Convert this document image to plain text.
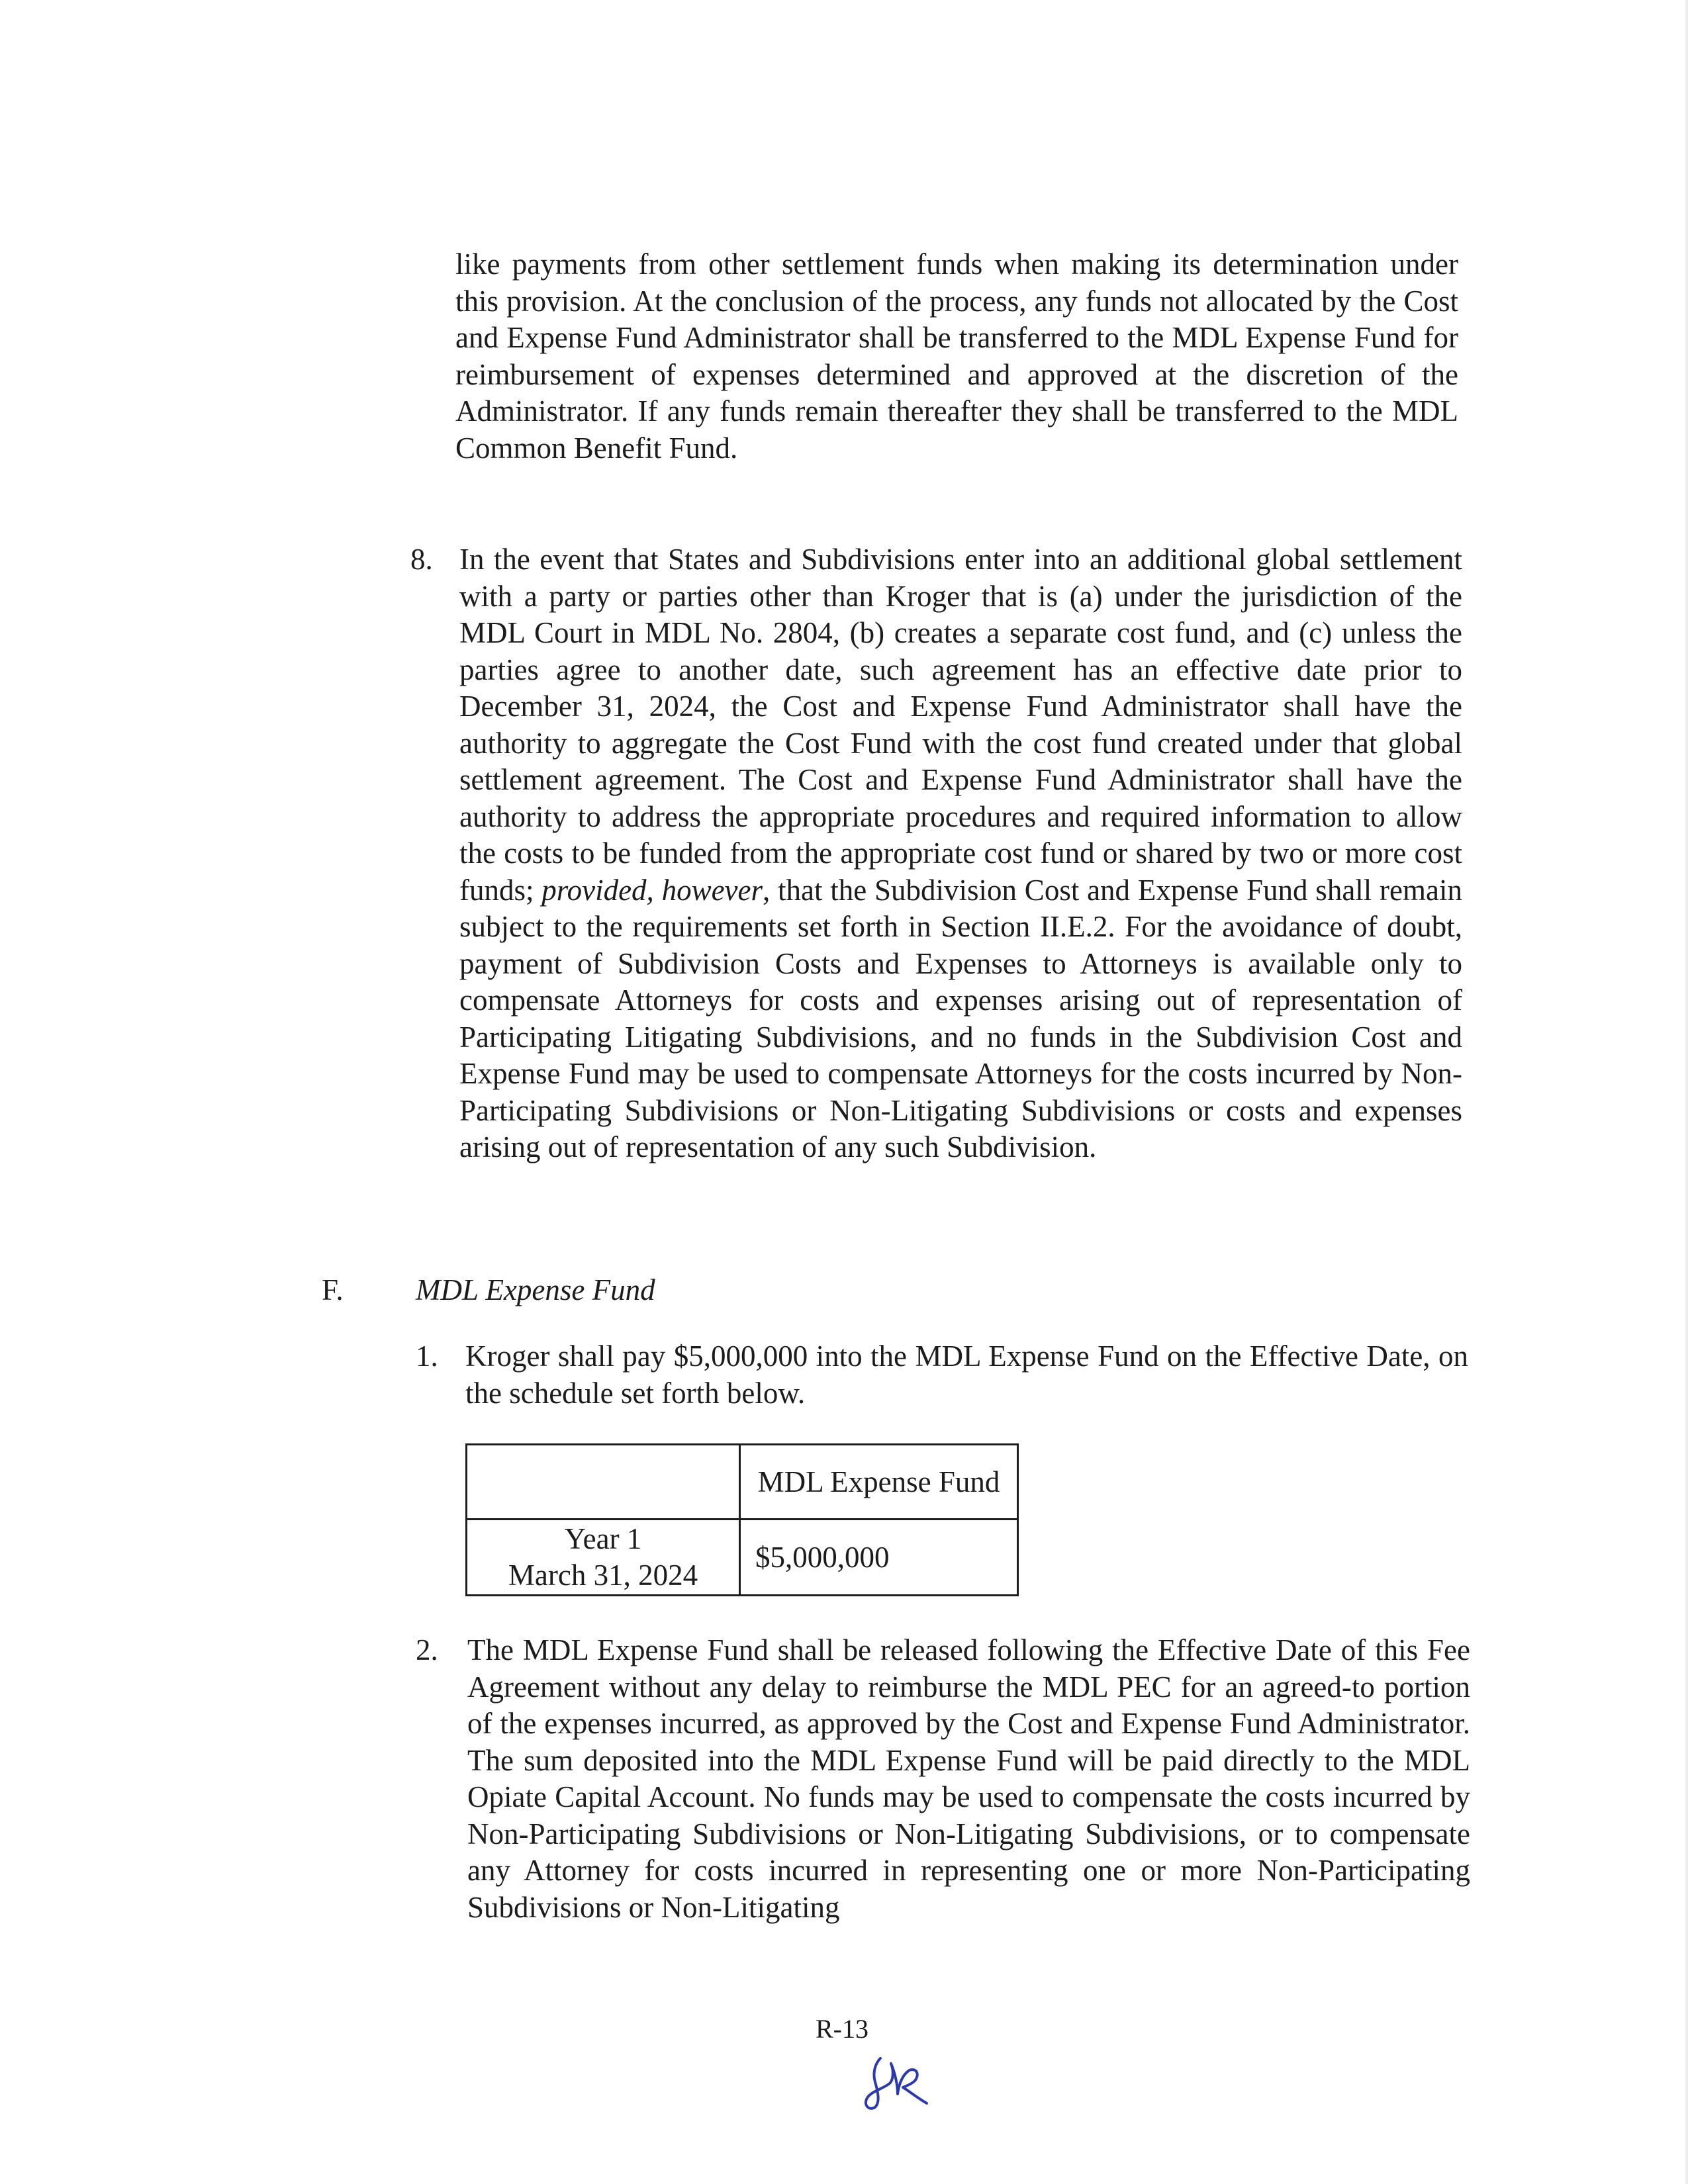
like payments from other settlement funds when making its determination under this provision. At the conclusion of the process, any funds not allocated by the Cost and Expense Fund Administrator shall be transferred to the MDL Expense Fund for reimbursement of expenses determined and approved at the discretion of the Administrator. If any funds remain thereafter they shall be transferred to the MDL Common Benefit Fund.

8. In the event that States and Subdivisions enter into an additional global settlement with a party or parties other than Kroger that is (a) under the jurisdiction of the MDL Court in MDL No. 2804, (b) creates a separate cost fund, and (c) unless the parties agree to another date, such agreement has an effective date prior to December 31, 2024, the Cost and Expense Fund Administrator shall have the authority to aggregate the Cost Fund with the cost fund created under that global settlement agreement. The Cost and Expense Fund Administrator shall have the authority to address the appropriate procedures and required information to allow the costs to be funded from the appropriate cost fund or shared by two or more cost funds; provided, however, that the Subdivision Cost and Expense Fund shall remain subject to the requirements set forth in Section II.E.2. For the avoidance of doubt, payment of Subdivision Costs and Expenses to Attorneys is available only to compensate Attorneys for costs and expenses arising out of representation of Participating Litigating Subdivisions, and no funds in the Subdivision Cost and Expense Fund may be used to compensate Attorneys for the costs incurred by Non-Participating Subdivisions or Non-Litigating Subdivisions or costs and expenses arising out of representation of any such Subdivision.

F. MDL Expense Fund
1. Kroger shall pay $5,000,000 into the MDL Expense Fund on the Effective Date, on the schedule set forth below.

	MDL Expense Fund

Year 1
March 31, 2024	$5,000,000
2. The MDL Expense Fund shall be released following the Effective Date of this Fee Agreement without any delay to reimburse the MDL PEC for an agreed-to portion of the expenses incurred, as approved by the Cost and Expense Fund Administrator. The sum deposited into the MDL Expense Fund will be paid directly to the MDL Opiate Capital Account. No funds may be used to compensate the costs incurred by Non-Participating Subdivisions or Non-Litigating Subdivisions, or to compensate any Attorney for costs incurred in representing one or more Non-Participating Subdivisions or Non-Litigating

R-13
